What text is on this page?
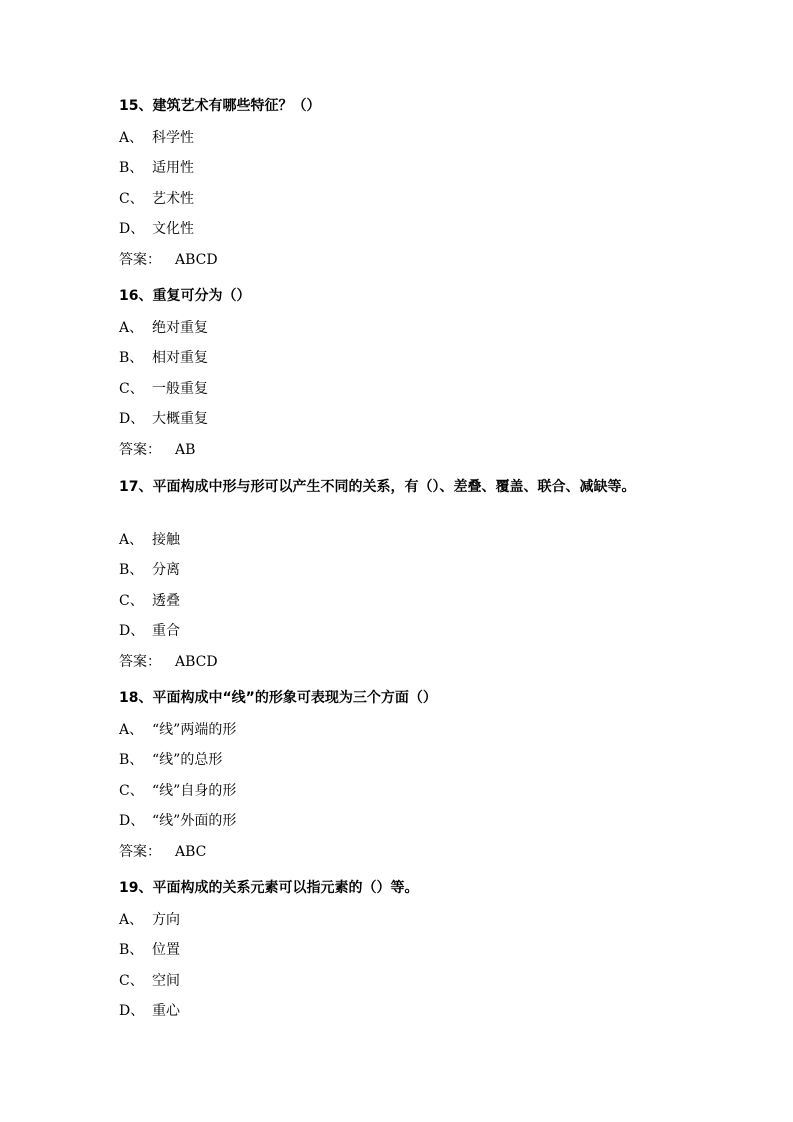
15、建筑艺术有哪些特征？（）

A、 科学性
B、 适用性
C、 艺术性
D、 文化性
答案： ABCD

16、重复可分为（）

A、 绝对重复
B、 相对重复
C、 一般重复
D、 大概重复
答案： AB

17、平面构成中形与形可以产生不同的关系，有（）、差叠、覆盖、联合、减缺等。

A、 接触
B、 分离
C、 透叠
D、 重合
答案： ABCD

18、平面构成中“线”的形象可表现为三个方面（）

A、 “线”两端的形
B、 “线”的总形
C、 “线”自身的形
D、 “线”外面的形
答案： ABC

19、平面构成的关系元素可以指元素的（）等。

A、 方向
B、 位置
C、 空间
D、 重心
